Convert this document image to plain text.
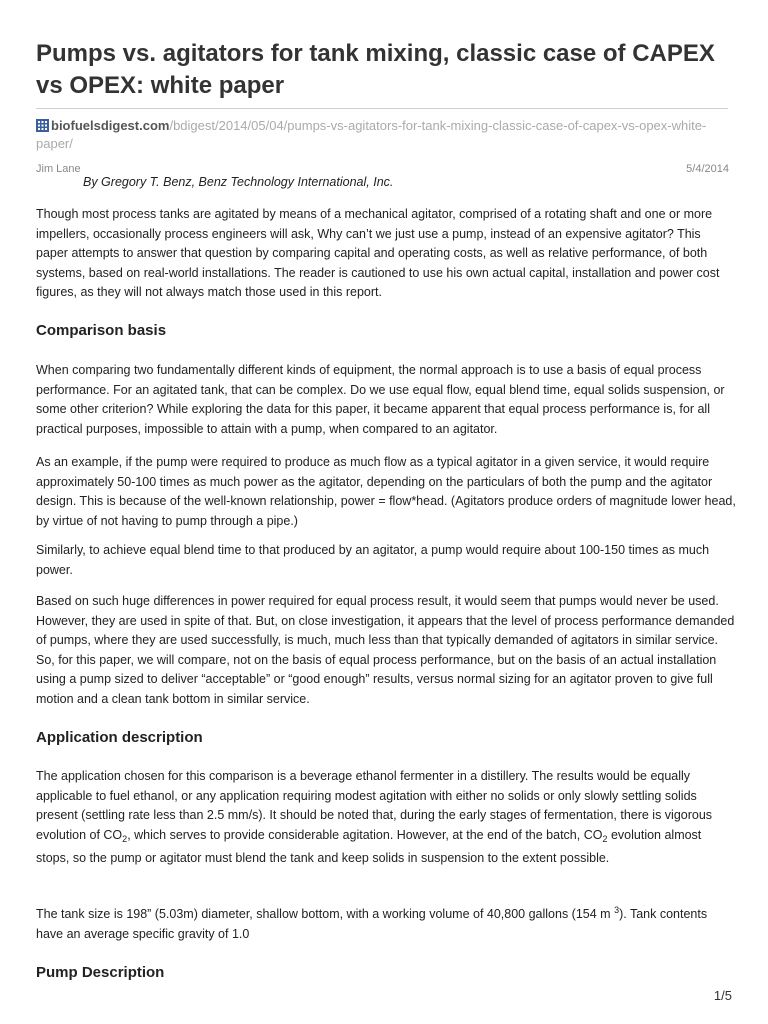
Pumps vs. agitators for tank mixing, classic case of CAPEX vs OPEX: white paper
biofuelsdigest.com/bdigest/2014/05/04/pumps-vs-agitators-for-tank-mixing-classic-case-of-capex-vs-opex-white-paper/
Jim Lane	5/4/2014
By Gregory T. Benz, Benz Technology International, Inc.

Though most process tanks are agitated by means of a mechanical agitator, comprised of a rotating shaft and one or more impellers, occasionally process engineers will ask, Why can’t we just use a pump, instead of an expensive agitator? This paper attempts to answer that question by comparing capital and operating costs, as well as relative performance, of both systems, based on real-world installations. The reader is cautioned to use his own actual capital, installation and power cost figures, as they will not always match those used in this report.

Comparison basis

When comparing two fundamentally different kinds of equipment, the normal approach is to use a basis of equal process performance. For an agitated tank, that can be complex. Do we use equal flow, equal blend time, equal solids suspension, or some other criterion? While exploring the data for this paper, it became apparent that equal process performance is, for all practical purposes, impossible to attain with a pump, when compared to an agitator.

As an example, if the pump were required to produce as much flow as a typical agitator in a given service, it would require approximately 50-100 times as much power as the agitator, depending on the particulars of both the pump and the agitator design. This is because of the well-known relationship, power = flow*head. (Agitators produce orders of magnitude lower head, by virtue of not having to pump through a pipe.)

Similarly, to achieve equal blend time to that produced by an agitator, a pump would require about 100-150 times as much power.

Based on such huge differences in power required for equal process result, it would seem that pumps would never be used. However, they are used in spite of that. But, on close investigation, it appears that the level of process performance demanded of pumps, where they are used successfully, is much, much less than that typically demanded of agitators in similar service. So, for this paper, we will compare, not on the basis of equal process performance, but on the basis of an actual installation using a pump sized to deliver “acceptable” or “good enough” results, versus normal sizing for an agitator proven to give full motion and a clean tank bottom in similar service.

Application description

The application chosen for this comparison is a beverage ethanol fermenter in a distillery. The results would be equally applicable to fuel ethanol, or any application requiring modest agitation with either no solids or only slowly settling solids present (settling rate less than 2.5 mm/s). It should be noted that, during the early stages of fermentation, there is vigorous evolution of $CO_2$, which serves to provide considerable agitation. However, at the end of the batch, $CO_2$ evolution almost stops, so the pump or agitator must blend the tank and keep solids in suspension to the extent possible.

The tank size is 198” (5.03m) diameter, shallow bottom, with a working volume of 40,800 gallons (154 m $^3$). Tank contents have an average specific gravity of 1.0

Pump Description
1/5
